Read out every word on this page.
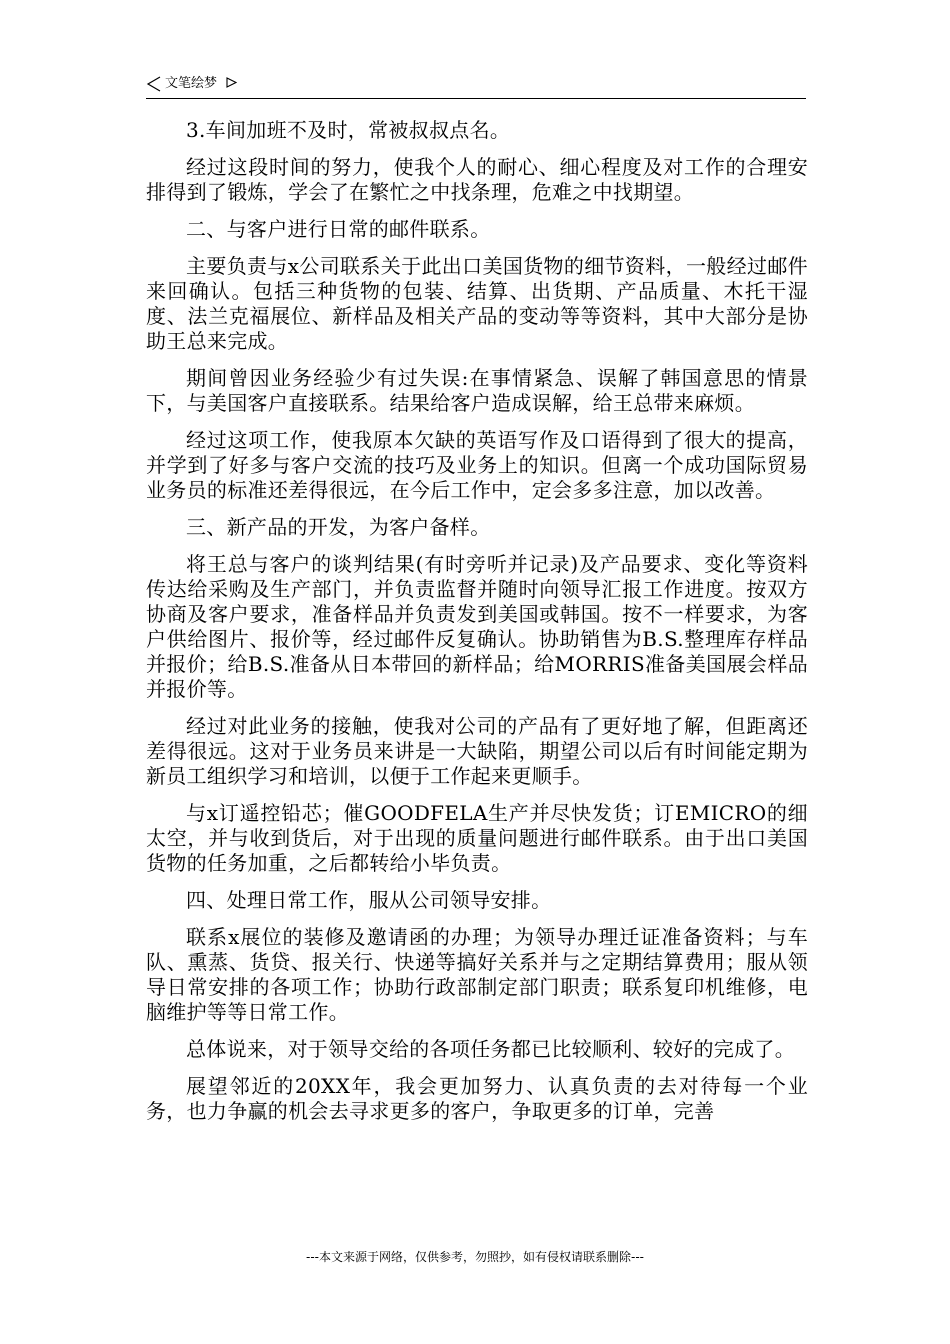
文笔绘梦

3.车间加班不及时，常被叔叔点名。

经过这段时间的努力，使我个人的耐心、细心程度及对工作的合理安排得到了锻炼，学会了在繁忙之中找条理，危难之中找期望。

二、与客户进行日常的邮件联系。

主要负责与x公司联系关于此出口美国货物的细节资料，一般经过邮件来回确认。包括三种货物的包装、结算、出货期、产品质量、木托干湿度、法兰克福展位、新样品及相关产品的变动等等资料，其中大部分是协助王总来完成。

期间曾因业务经验少有过失误:在事情紧急、误解了韩国意思的情景下，与美国客户直接联系。结果给客户造成误解，给王总带来麻烦。

经过这项工作，使我原本欠缺的英语写作及口语得到了很大的提高，并学到了好多与客户交流的技巧及业务上的知识。但离一个成功国际贸易业务员的标准还差得很远，在今后工作中，定会多多注意，加以改善。

三、新产品的开发，为客户备样。

将王总与客户的谈判结果(有时旁听并记录)及产品要求、变化等资料传达给采购及生产部门，并负责监督并随时向领导汇报工作进度。按双方协商及客户要求，准备样品并负责发到美国或韩国。按不一样要求，为客户供给图片、报价等，经过邮件反复确认。协助销售为B.S.整理库存样品并报价；给B.S.准备从日本带回的新样品；给MORRIS准备美国展会样品并报价等。

经过对此业务的接触，使我对公司的产品有了更好地了解，但距离还差得很远。这对于业务员来讲是一大缺陷，期望公司以后有时间能定期为新员工组织学习和培训，以便于工作起来更顺手。

与x订遥控铅芯；催GOODFELA生产并尽快发货；订EMICRO的细太空，并与收到货后，对于出现的质量问题进行邮件联系。由于出口美国货物的任务加重，之后都转给小毕负责。

四、处理日常工作，服从公司领导安排。

联系x展位的装修及邀请函的办理；为领导办理迁证准备资料；与车队、熏蒸、货贷、报关行、快递等搞好关系并与之定期结算费用；服从领导日常安排的各项工作；协助行政部制定部门职责；联系复印机维修，电脑维护等等日常工作。

总体说来，对于领导交给的各项任务都已比较顺利、较好的完成了。

展望邻近的20XX年，我会更加努力、认真负责的去对待每一个业务，也力争赢的机会去寻求更多的客户，争取更多的订单，完善

---本文来源于网络，仅供参考，勿照抄，如有侵权请联系删除---
